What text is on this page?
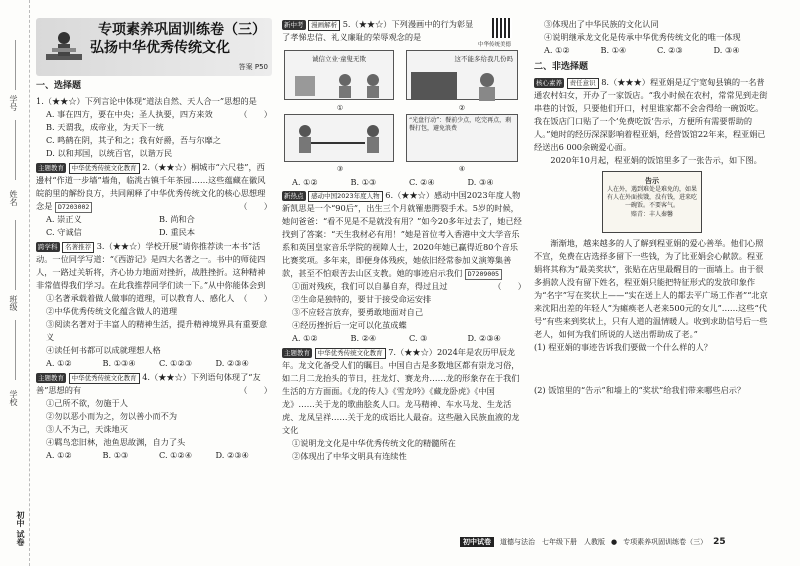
学号
姓名
班级
学校
初中 试卷
专项素养巩固训练卷（三）
弘扬中华优秀传统文化
答案 P50
一、选择题
1.（★★☆）下列言论中体现“道法自然、天人合一”思想的是
（　　）
A. 事在四方，要在中央；圣人执要，四方来效
B. 天谓我，成帝业，为天下一统
C. 鸣鹤在阴，其子和之；我有好爵，吾与尔靡之
D. 以和邦国，以统百官，以谐万民
主题教育 中华优秀传统文化教育 2.（★★☆）桐城市“六尺巷”，西邊村“作道一步墙”墙角，临洮古镇千年茶园……这些蕴藏在徽风皖韵里的解纷良方，共同阐释了中华优秀传统文化的核心思想理念是 D7203002	（　　）
A. 崇正义	B. 尚和合
C. 守诚信	D. 重民本
跨学科 名著推荐 3.（★★☆）学校开展“请你推荐读一本书”活动。一位同学写道：“《西游记》是四大名著之一。书中的师徒四人，一路过关斩将，齐心协力地面对挫折，战胜挫折。这种精神非常值得我们学习。在此我推荐同学们读一下。”从中你能体会到
（　　）
①名著承载着做人做事的道理，可以教育人、感化人
②中华优秀传统文化蕴含做人的道理
③阅读名著对于丰富人的精神生活，提升精神境界具有重要意义
④读任何书都可以成就理想人格
A. ①②	B. ①③④	C. ①②③	D. ②③④
主题教育 中华优秀传统文化教育 4.（★★☆）下列语句体现了“友善”思想的有	（　　）
①己所不欲，勿施于人
②勿以恶小而为之，勿以善小而不为
③人不为己，天诛地灭
④羁鸟恋旧林，池鱼思故渊，自力了头
A. ①②	B. ①③	C. ①②④	D. ②③④
中华传统美德
新中考 漫画解析 5.（★★☆）下列漫画中的行为彰显了孝悌忠信、礼义廉耻的荣辱观念的是
诚信立业·童叟无欺
①
这不能多给我几份吗
②
“光盘行动”：餐前少点，吃完再点，剩餐打包，避免浪费
③	④
A. ①②	B. ①③	C. ②④	D. ③④
新热点 感动中国2023年度人物 6.（★★☆）感动中国2023年度人物新凯思是一个“90后”，出生三个月就罹患腭裂手术。5岁的时候，她问爸爸：“看不见是不是就没有用？”如今20多年过去了，她已经找到了答案：“天生我材必有用！”她是首位考入香港中文大学音乐系和英国皇家音乐学院的视障人士，2020年她已赢得近80个音乐比赛奖项。多年来，即便身体残疾，她依旧经常参加义演筹集善款，甚至不怕艰苦去山区支教。她的事迹启示我们 D7209005
（　　）
①面对残疾，我们可以自暴自弃，得过且过
②生命是独特的，要甘于接受命运安排
③不应轻言放弃，要勇敢地面对自己
④经历挫折后一定可以化茧成蝶
A. ①②	B. ②④	C. ③	D. ②③④
主题教育 中华优秀传统文化教育 7.（★★☆）2024年是农历甲辰龙年。龙文化备受人们的瞩目。中国自古是多数地区都有崇龙习俗，如二月二龙抬头的节日，拄龙灯、赛龙舟……龙的形象存在于我们生活的方方面面。《龙的传人》《雪龙吟》《藏龙卧虎》《中国龙》……关于龙的歌曲脍炙人口。龙马精神、车水马龙、生龙活虎、龙凤呈祥……关于龙的成语比人最奋。这些融入民族血液的龙文化
①说明龙文化是中华优秀传统文化的精髓所在
②体现出了中华文明具有连续性
③体现出了中华民族的文化认同
④说明继承龙文化是传承中华优秀传统文化的唯一体现
A. ①②	B. ①④	C. ②③	D. ③④
二、非选择题
核心素养 责任意识 8.（★★★）程亚娟是辽宁宽甸县镇的一名普通农村妇女，开办了一家饭店。“我小时候在农村，常常见到走街串巷的讨饭，只要他们开口，村里谁家都不会舍得给一碗饭吃。我在饭店门口贴了一个‘免费吃饭’告示，方便所有需要帮助的人。”她时的经历深深影响着程亚娟，经营饭馆22年来，程亚娟已经送出6 000余碗爱心面。
2020年10月起，程亚娟的饭馆里多了一张告示，如下图。
告示
人在外，遇到难处是难免的，如果有人在外面挨饿，没有钱，进来吃一碗饭。不要客气。
赔青：丰人秦馨
渐渐地，越来越多的人了解到程亚娟的爱心善举。他们心照不宣，免费在店选择多留下一些钱，为了比亚娟会心献款。程亚娟将其称为“最美奖状”，张贴在店里最醒目的一面墙上。由于很多捐款人没有留下姓名，程亚娟只能把特征形式的发放印象作为“名字”写在奖状上——“实在送上人的都去平广场工作者”“北京来沈阳出差的年轻人”为瘫痪老人老来500元的女儿”……这些“代号”有些来到奖状上，只有人道的温情暖人。收到求助信号后一些老人，如何为我们所说的人送出帮助成了老。”
(1) 程亚娟的事迹告诉我们要做一个什么样的人？
(2) 饭馆里的“告示”和墙上的“奖状”给我们带来哪些启示？
初中试卷	道德与法治　七年级下册　人教版 ● 专项素养巩固训练卷（三） 25
